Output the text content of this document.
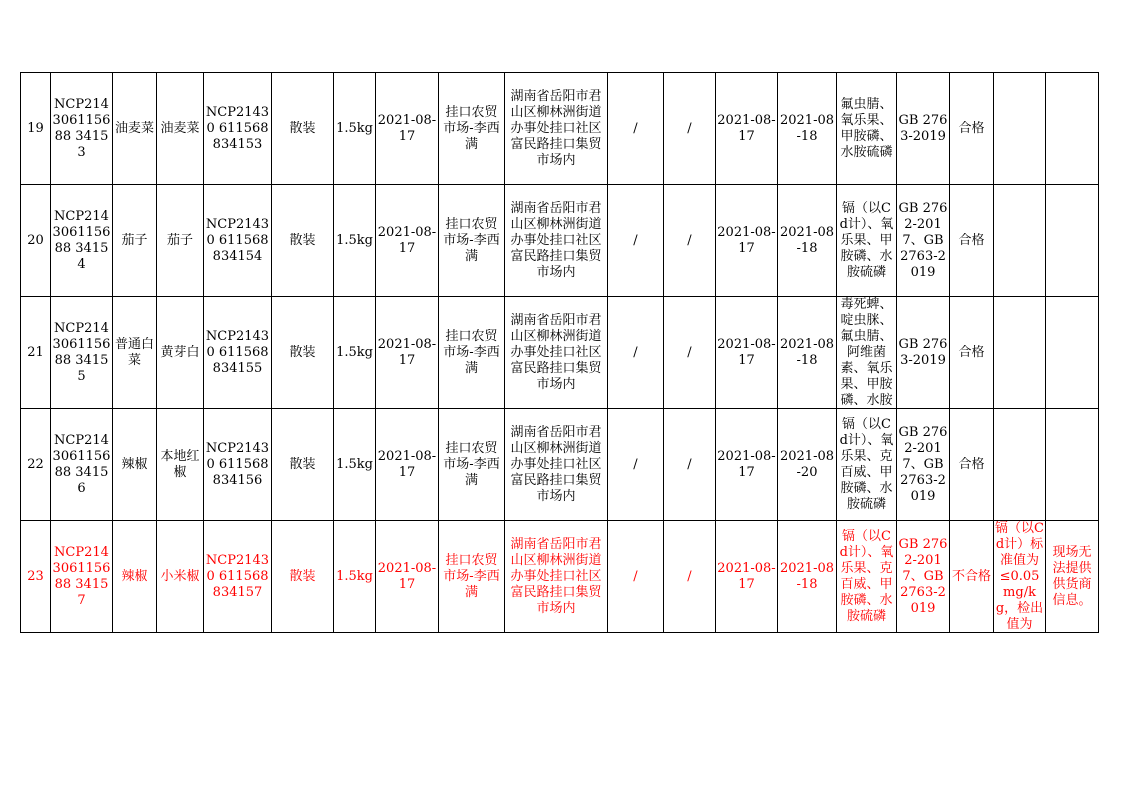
19	NCP214306115688 34153	油麦菜	油麦菜	NCP21430 611568834153	散装	1.5kg	2021-08-17	挂口农贸市场-李西满	湖南省岳阳市君山区柳林洲街道办事处挂口社区富民路挂口集贸市场内	/	/	2021-08-17	2021-08-18	氟虫腈、氧乐果、甲胺磷、水胺硫磷	GB 2763-2019	合格		

20	NCP214306115688 34154	茄子	茄子	NCP21430 611568834154	散装	1.5kg	2021-08-17	挂口农贸市场-李西满	湖南省岳阳市君山区柳林洲街道办事处挂口社区富民路挂口集贸市场内	/	/	2021-08-17	2021-08-18	镉（以Cd计）、氧乐果、甲胺磷、水胺硫磷	GB 2762-2017、GB 2763-2019	合格		

21	NCP214306115688 34155	普通白菜	黄芽白	NCP21430 611568834155	散装	1.5kg	2021-08-17	挂口农贸市场-李西满	湖南省岳阳市君山区柳林洲街道办事处挂口社区富民路挂口集贸市场内	/	/	2021-08-17	2021-08-18	毒死蜱、啶虫脒、氟虫腈、阿维菌素、氧乐果、甲胺磷、水胺	GB 2763-2019	合格		

22	NCP214306115688 34156	辣椒	本地红椒	NCP21430 611568834156	散装	1.5kg	2021-08-17	挂口农贸市场-李西满	湖南省岳阳市君山区柳林洲街道办事处挂口社区富民路挂口集贸市场内	/	/	2021-08-17	2021-08-20	镉（以Cd计）、氧乐果、克百威、甲胺磷、水胺硫磷	GB 2762-2017、GB 2763-2019	合格		

23	NCP214306115688 34157	辣椒	小米椒	NCP21430 611568834157	散装	1.5kg	2021-08-17	挂口农贸市场-李西满	湖南省岳阳市君山区柳林洲街道办事处挂口社区富民路挂口集贸市场内	/	/	2021-08-17	2021-08-18	镉（以Cd计）、氧乐果、克百威、甲胺磷、水胺硫磷	GB 2762-2017、GB 2763-2019	不合格	镉（以Cd计）标准值为≤0.05mg/kg，检出值为	现场无法提供供货商信息。
